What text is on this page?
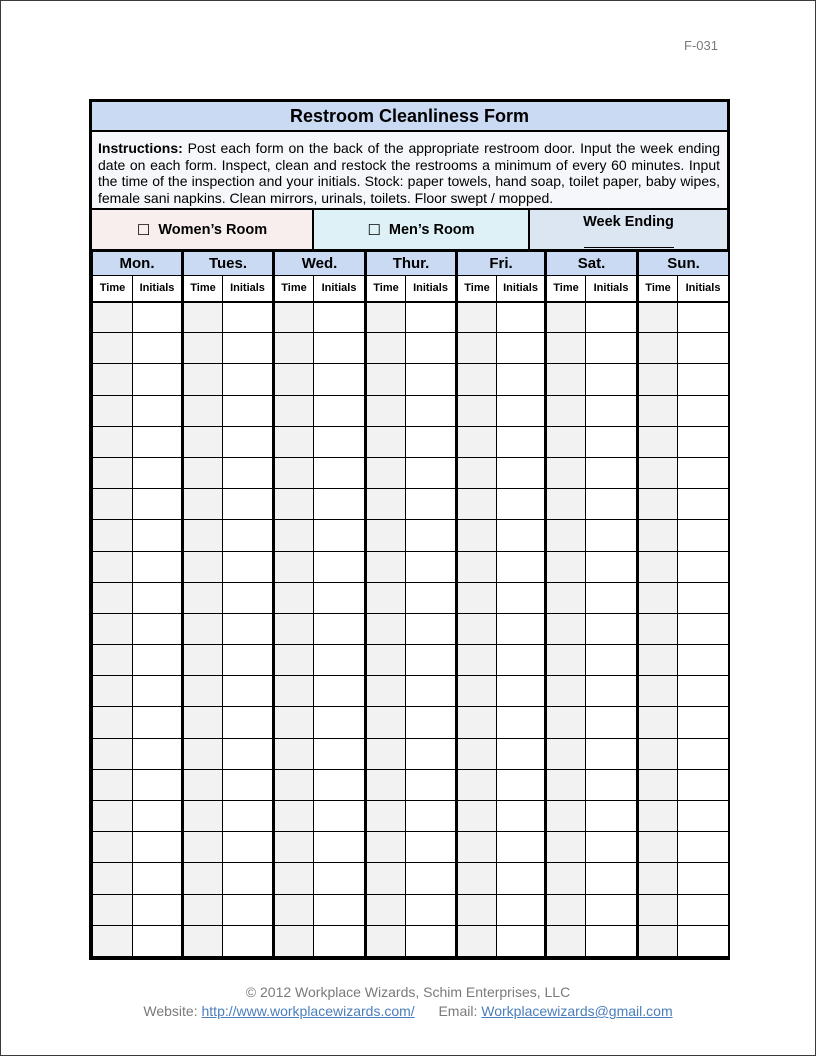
F-031
Restroom Cleanliness Form
Instructions: Post each form on the back of the appropriate restroom door. Input the week ending date on each form. Inspect, clean and restock the restrooms a minimum of every 60 minutes. Input the time of the inspection and your initials. Stock: paper towels, hand soap, toilet paper, baby wipes, female sani napkins. Clean mirrors, urinals, toilets. Floor swept / mopped.
☐ Women’s Room	☐ Men’s Room	Week Ending
Mon.		Tues.		Wed.		Thur.		Fri.		Sat.		Sun.	
Time	Initials	Time	Initials	Time	Initials	Time	Initials	Time	Initials	Time	Initials	Time	Initials

© 2012 Workplace Wizards, Schim Enterprises, LLC
Website: http://www.workplacewizards.com/ Email: Workplacewizards@gmail.com
